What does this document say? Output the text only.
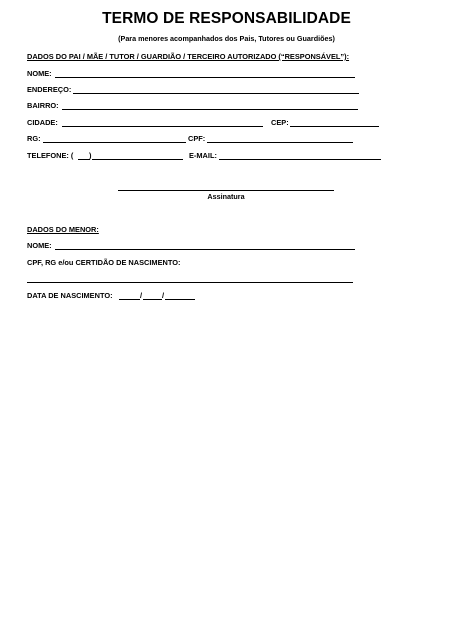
TERMO DE RESPONSABILIDADE
(Para menores acompanhados dos Pais, Tutores ou Guardiões)
DADOS DO PAI / MÃE / TUTOR / GUARDIÃO / TERCEIRO AUTORIZADO (“RESPONSÁVEL”):
NOME:
ENDEREÇO:
BAIRRO:
CIDADE:	CEP:
RG:	CPF:
TELEFONE: ( )	E-MAIL:
Assinatura
DADOS DO MENOR:
NOME:
CPF, RG e/ou CERTIDÃO DE NASCIMENTO:
DATA DE NASCIMENTO:	/	/
